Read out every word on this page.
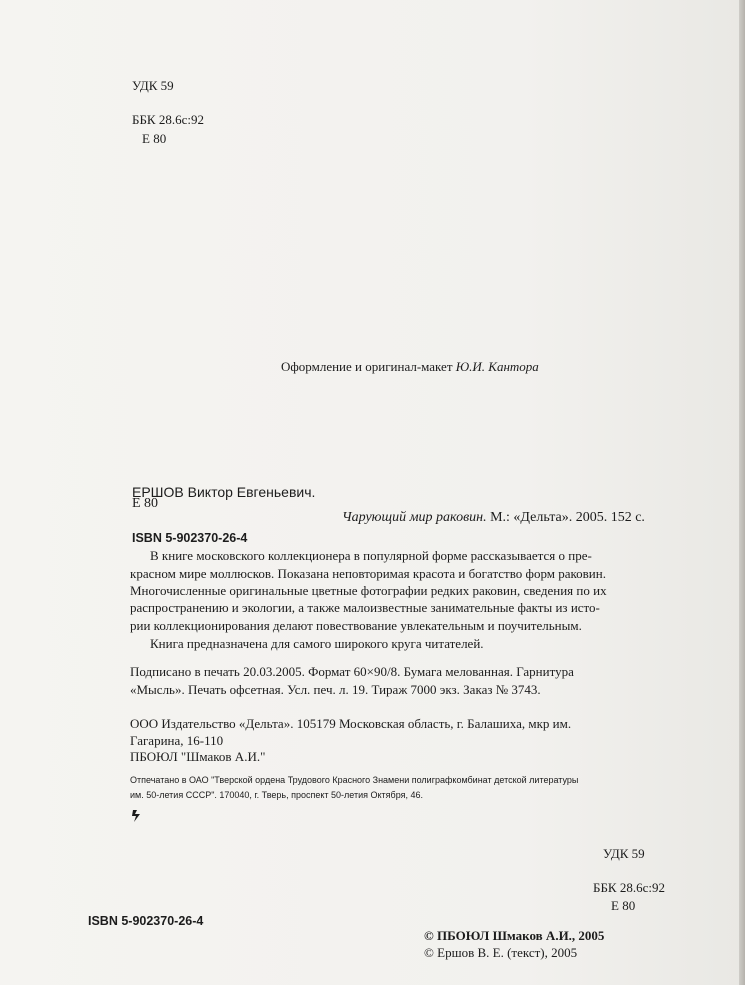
УДК 59

ББК 28.6с:92

Е 80

Оформление и оригинал-макет Ю.И. Кантора

ЕРШОВ Виктор Евгеньевич.

Е 80

Чарующий мир раковин. М.: «Дельта». 2005. 152 с.

ISBN 5-902370-26-4

В книге московского коллекционера в популярной форме рассказывается о пре-

красном мире моллюсков. Показана неповторимая красота и богатство форм раковин.

Многочисленные оригинальные цветные фотографии редких раковин, сведения по их

распространению и экологии, а также малоизвестные занимательные факты из исто-

рии коллекционирования делают повествование увлекательным и поучительным.

Книга предназначена для самого широкого круга читателей.

Подписано в печать 20.03.2005. Формат 60×90/8. Бумага мелованная. Гарнитура

«Мысль». Печать офсетная. Усл. печ. л. 19. Тираж 7000 экз. Заказ № 3743.

ООО Издательство «Дельта». 105179 Московская область, г. Балашиха, мкр им.

Гагарина, 16-110

ПБОЮЛ "Шмаков А.И."

Отпечатано в ОАО "Тверской ордена Трудового Красного Знамени полиграфкомбинат детской литературы

им. 50-летия СССР". 170040, г. Тверь, проспект 50-летия Октября, 46.

УДК 59

ББК 28.6с:92

Е 80

ISBN 5-902370-26-4

© ПБОЮЛ Шмаков А.И., 2005

© Ершов В. Е. (текст), 2005
